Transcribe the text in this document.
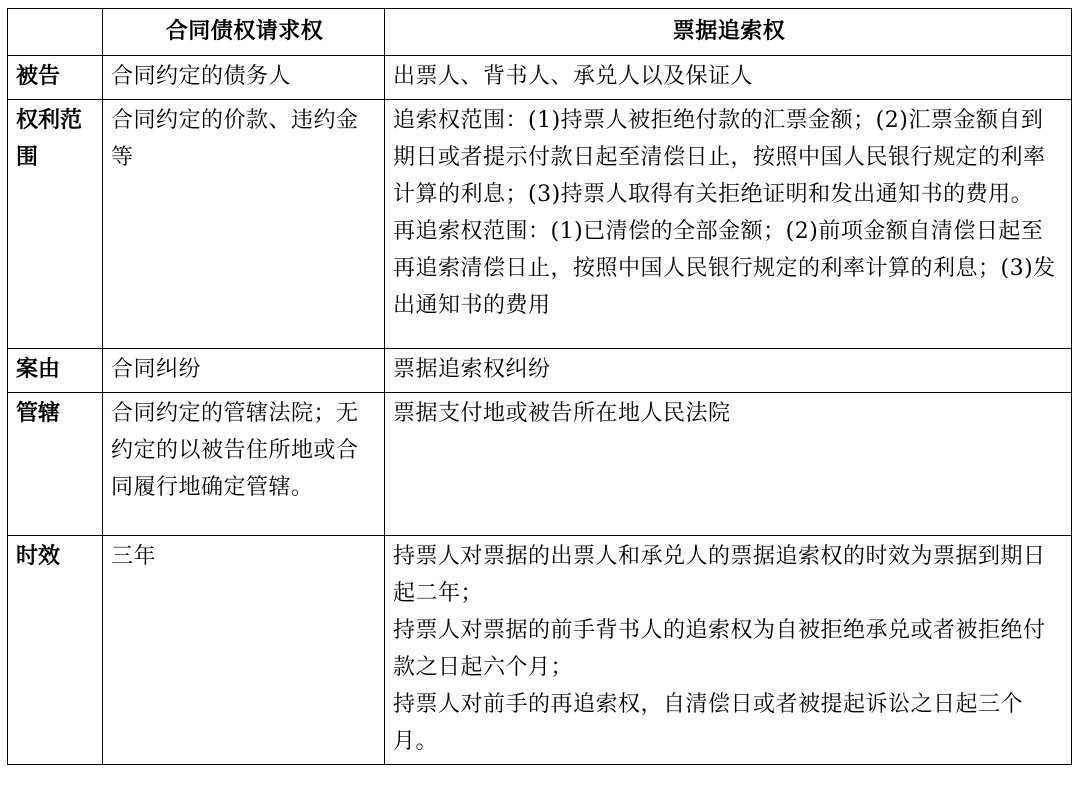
	合同债权请求权	票据追索权
被告	合同约定的债务人	出票人、背书人、承兑人以及保证人

权利范围	合同约定的价款、违约金等	追索权范围：(1)持票人被拒绝付款的汇票金额；(2)汇票金额自到期日或者提示付款日起至清偿日止，按照中国人民银行规定的利率计算的利息；(3)持票人取得有关拒绝证明和发出通知书的费用。
再追索权范围：(1)已清偿的全部金额；(2)前项金额自清偿日起至再追索清偿日止，按照中国人民银行规定的利率计算的利息；(3)发出通知书的费用

案由	合同纠纷	票据追索权纠纷

管辖	合同约定的管辖法院；无约定的以被告住所地或合同履行地确定管辖。	票据支付地或被告所在地人民法院

时效	三年	持票人对票据的出票人和承兑人的票据追索权的时效为票据到期日起二年；
持票人对票据的前手背书人的追索权为自被拒绝承兑或者被拒绝付款之日起六个月；
持票人对前手的再追索权，自清偿日或者被提起诉讼之日起三个月。
